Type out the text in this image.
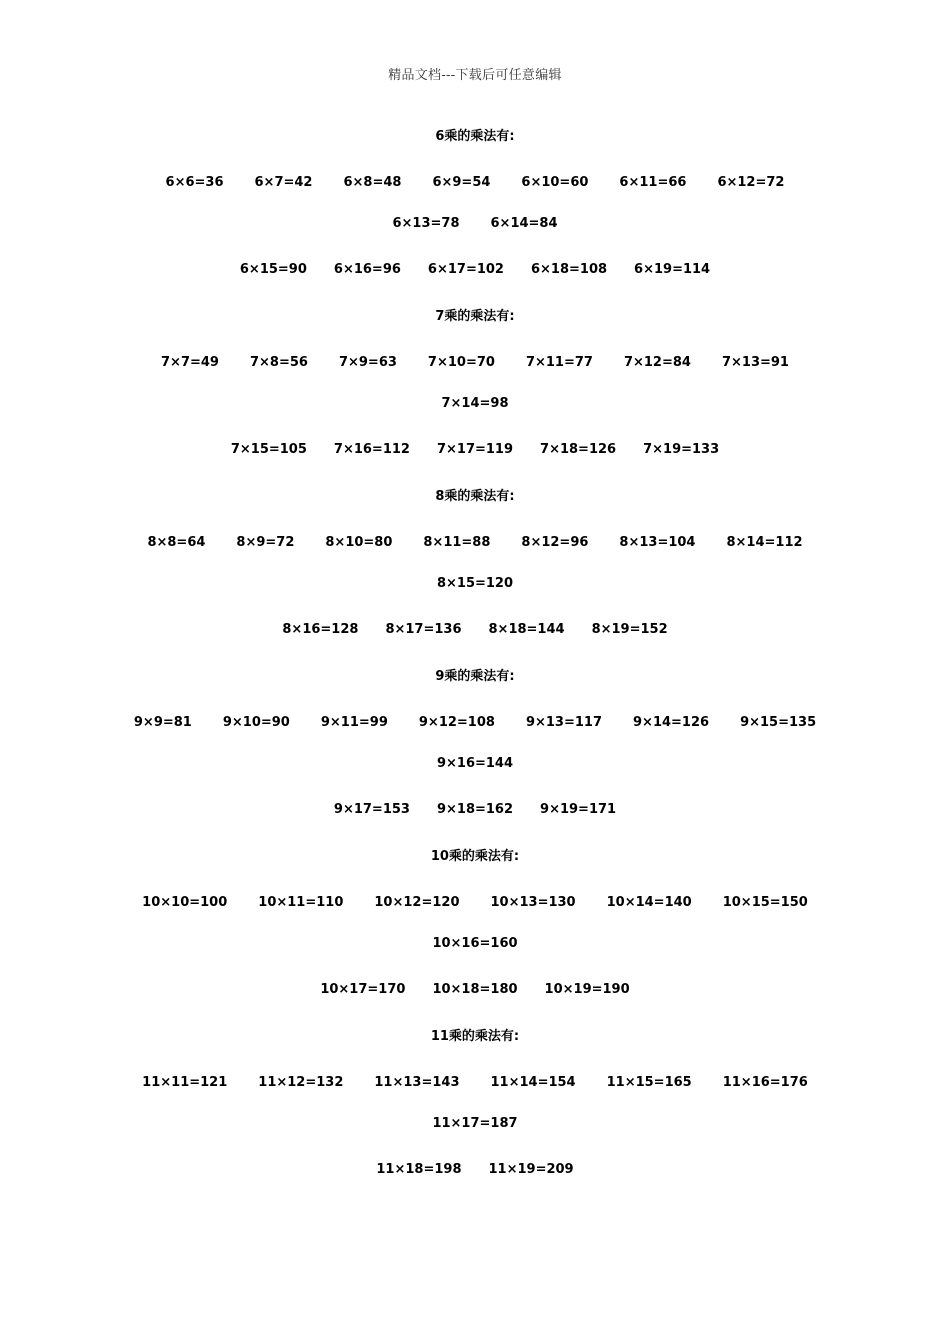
精品文档---下载后可任意编辑
6乘的乘法有:
6×6=36 6×7=42 6×8=48 6×9=54 6×10=60 6×11=66 6×12=72
6×13=78 6×14=84
6×15=90 6×16=96 6×17=102 6×18=108 6×19=114
7乘的乘法有:
7×7=49 7×8=56 7×9=63 7×10=70 7×11=77 7×12=84 7×13=91
7×14=98
7×15=105 7×16=112 7×17=119 7×18=126 7×19=133
8乘的乘法有:
8×8=64 8×9=72 8×10=80 8×11=88 8×12=96 8×13=104 8×14=112
8×15=120
8×16=128 8×17=136 8×18=144 8×19=152
9乘的乘法有:
9×9=81 9×10=90 9×11=99 9×12=108 9×13=117 9×14=126 9×15=135
9×16=144
9×17=153 9×18=162 9×19=171
10乘的乘法有:
10×10=100 10×11=110 10×12=120 10×13=130 10×14=140 10×15=150
10×16=160
10×17=170 10×18=180 10×19=190
11乘的乘法有:
11×11=121 11×12=132 11×13=143 11×14=154 11×15=165 11×16=176
11×17=187
11×18=198 11×19=209
